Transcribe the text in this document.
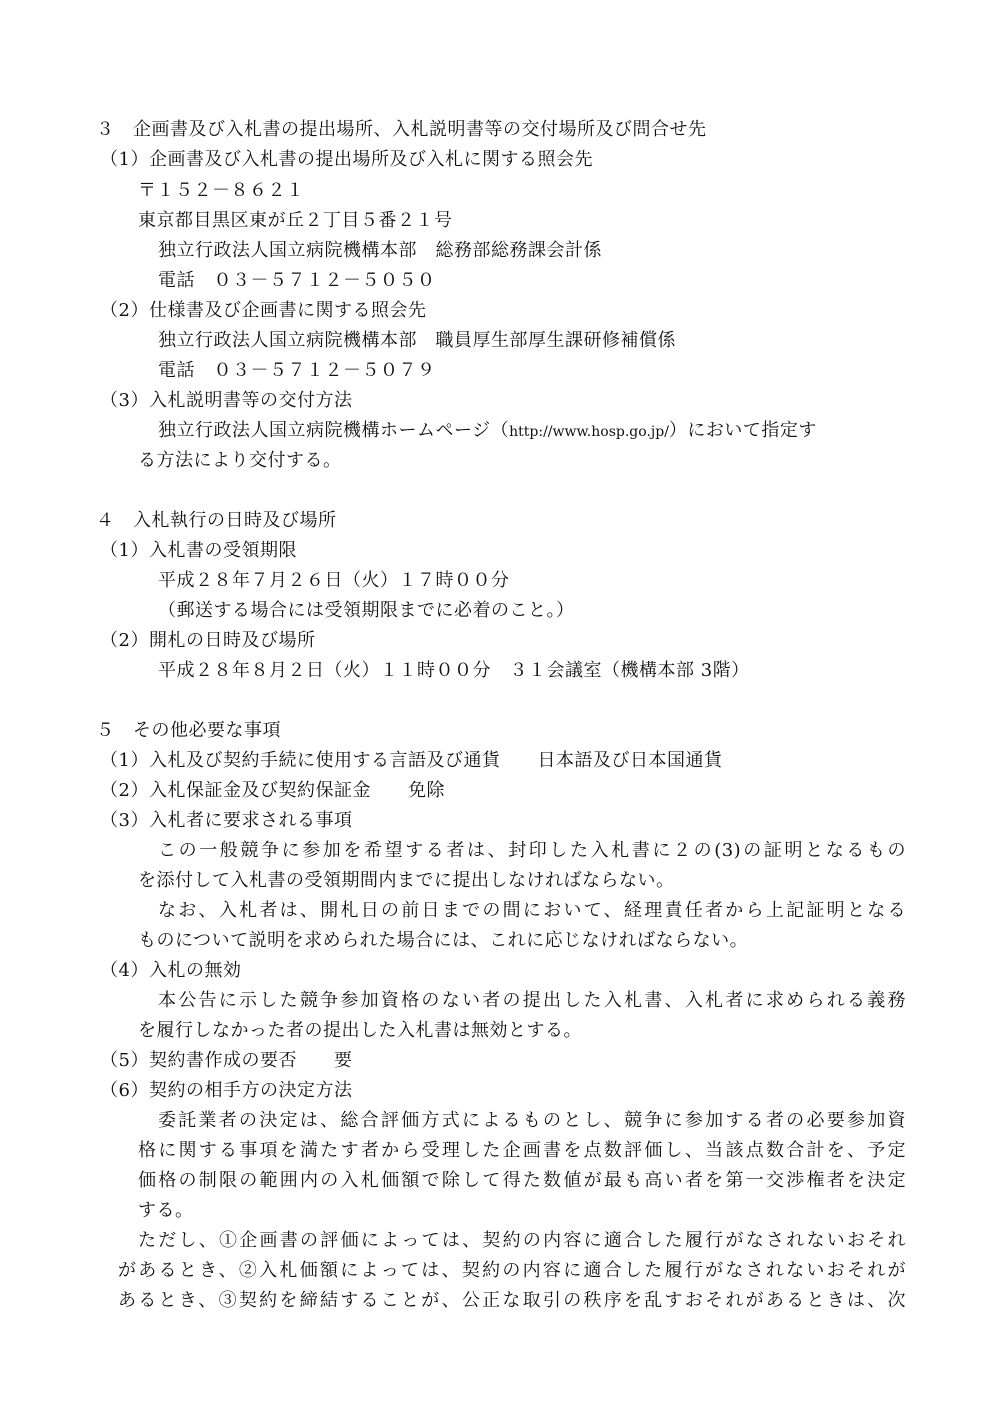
３　企画書及び入札書の提出場所、入札説明書等の交付場所及び問合せ先
（1）企画書及び入札書の提出場所及び入札に関する照会先
〒１５２－８６２１
東京都目黒区東が丘２丁目５番２１号
独立行政法人国立病院機構本部　総務部総務課会計係
電話　０３－５７１２－５０５０
（2）仕様書及び企画書に関する照会先
独立行政法人国立病院機構本部　職員厚生部厚生課研修補償係
電話　０３－５７１２－５０７９
（3）入札説明書等の交付方法
独立行政法人国立病院機構ホームページ（http://www.hosp.go.jp/）において指定す
る方法により交付する。
４　入札執行の日時及び場所
（1）入札書の受領期限
平成２８年７月２６日（火）１７時００分
（郵送する場合には受領期限までに必着のこと。）
（2）開札の日時及び場所
平成２８年８月２日（火）１１時００分　３１会議室（機構本部 3階）
５　その他必要な事項
（1）入札及び契約手続に使用する言語及び通貨　　日本語及び日本国通貨
（2）入札保証金及び契約保証金　　免除
（3）入札者に要求される事項
この一般競争に参加を希望する者は、封印した入札書に２の(3)の証明となるもの
を添付して入札書の受領期間内までに提出しなければならない。
なお、入札者は、開札日の前日までの間において、経理責任者から上記証明となる
ものについて説明を求められた場合には、これに応じなければならない。
（4）入札の無効
本公告に示した競争参加資格のない者の提出した入札書、入札者に求められる義務
を履行しなかった者の提出した入札書は無効とする。
（5）契約書作成の要否　　要
（6）契約の相手方の決定方法
委託業者の決定は、総合評価方式によるものとし、競争に参加する者の必要参加資
格に関する事項を満たす者から受理した企画書を点数評価し、当該点数合計を、予定
価格の制限の範囲内の入札価額で除して得た数値が最も高い者を第一交渉権者を決定
する。
ただし、①企画書の評価によっては、契約の内容に適合した履行がなされないおそれ
があるとき、②入札価額によっては、契約の内容に適合した履行がなされないおそれが
あるとき、③契約を締結することが、公正な取引の秩序を乱すおそれがあるときは、次
